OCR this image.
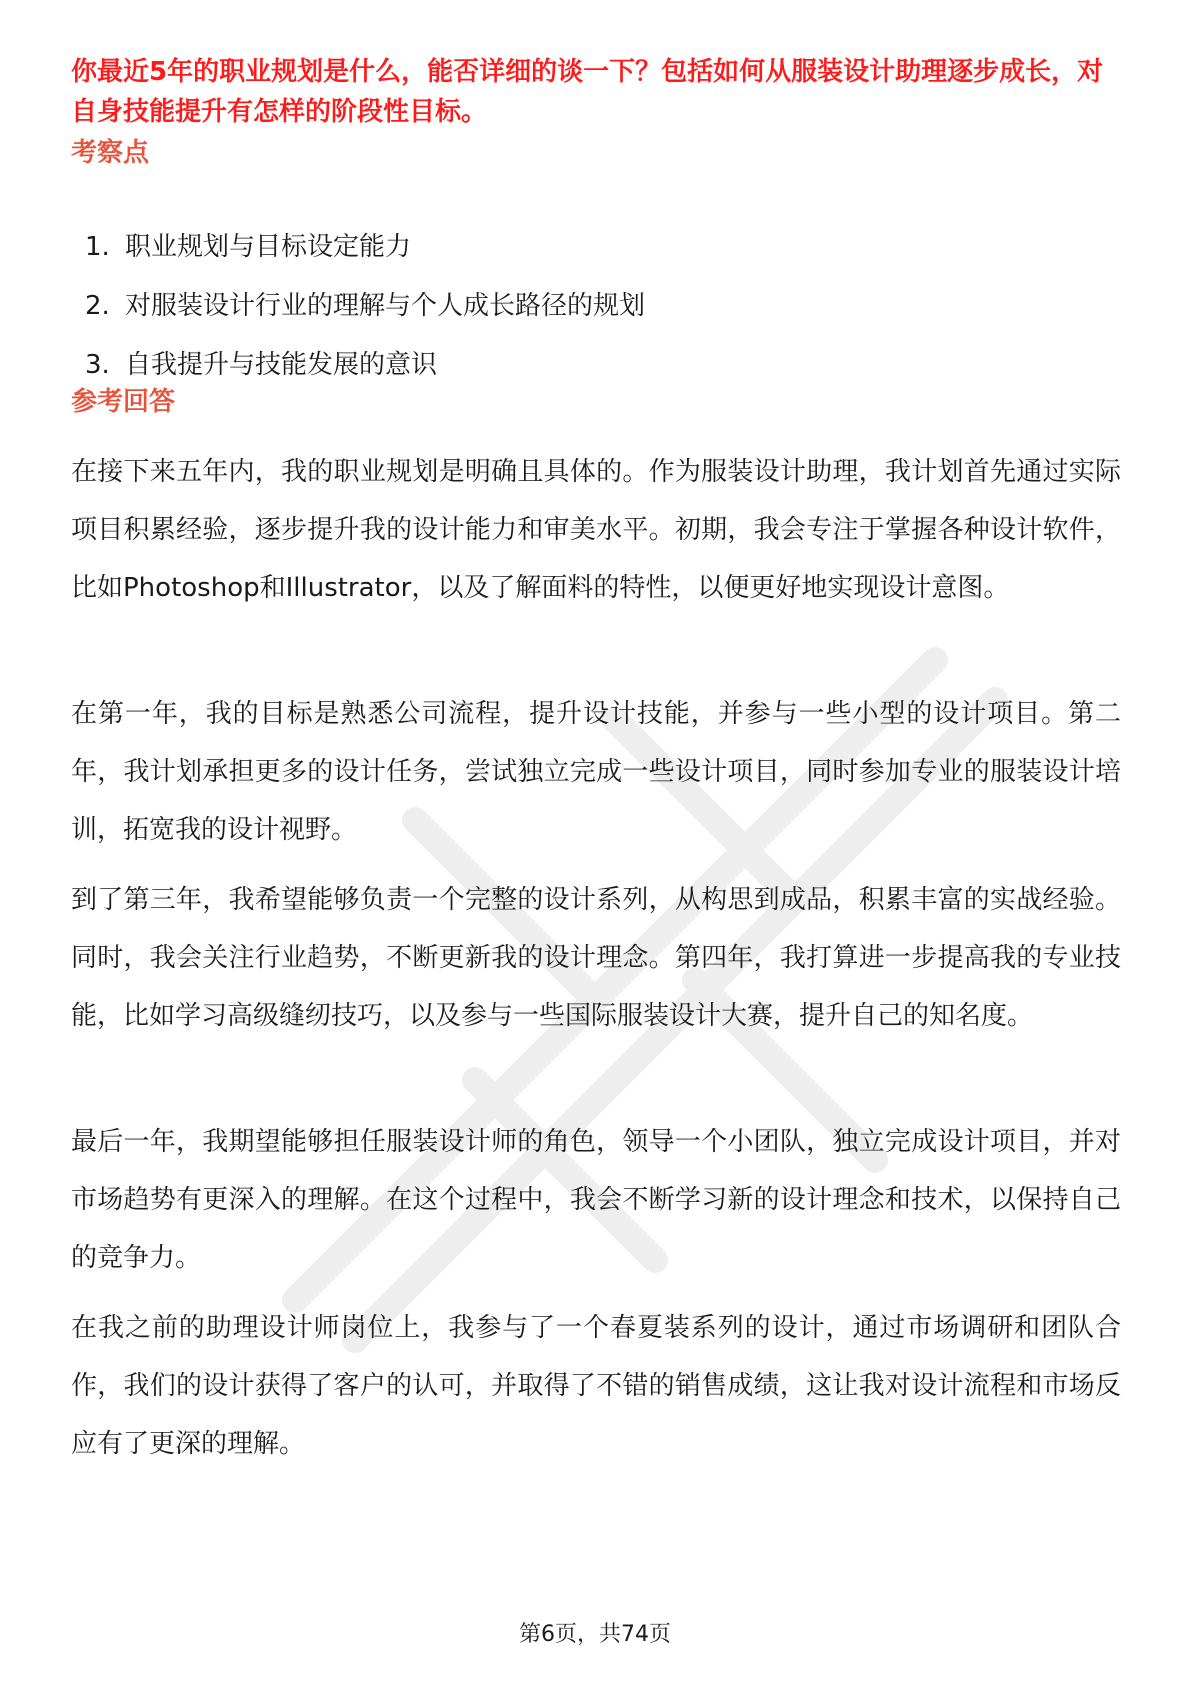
你最近5年的职业规划是什么，能否详细的谈一下？包括如何从服装设计助理逐步成长，对自身技能提升有怎样的阶段性目标。

考察点
1. 职业规划与目标设定能力
2. 对服装设计行业的理解与个人成长路径的规划
3. 自我提升与技能发展的意识
参考回答

在接下来五年内，我的职业规划是明确且具体的。作为服装设计助理，我计划首先通过实际项目积累经验，逐步提升我的设计能力和审美水平。初期，我会专注于掌握各种设计软件，比如Photoshop和Illustrator，以及了解面料的特性，以便更好地实现设计意图。

在第一年，我的目标是熟悉公司流程，提升设计技能，并参与一些小型的设计项目。第二年，我计划承担更多的设计任务，尝试独立完成一些设计项目，同时参加专业的服装设计培训，拓宽我的设计视野。

到了第三年，我希望能够负责一个完整的设计系列，从构思到成品，积累丰富的实战经验。同时，我会关注行业趋势，不断更新我的设计理念。第四年，我打算进一步提高我的专业技能，比如学习高级缝纫技巧，以及参与一些国际服装设计大赛，提升自己的知名度。

最后一年，我期望能够担任服装设计师的角色，领导一个小团队，独立完成设计项目，并对市场趋势有更深入的理解。在这个过程中，我会不断学习新的设计理念和技术，以保持自己的竞争力。

在我之前的助理设计师岗位上，我参与了一个春夏装系列的设计，通过市场调研和团队合作，我们的设计获得了客户的认可，并取得了不错的销售成绩，这让我对设计流程和市场反应有了更深的理解。

第6页，共74页
